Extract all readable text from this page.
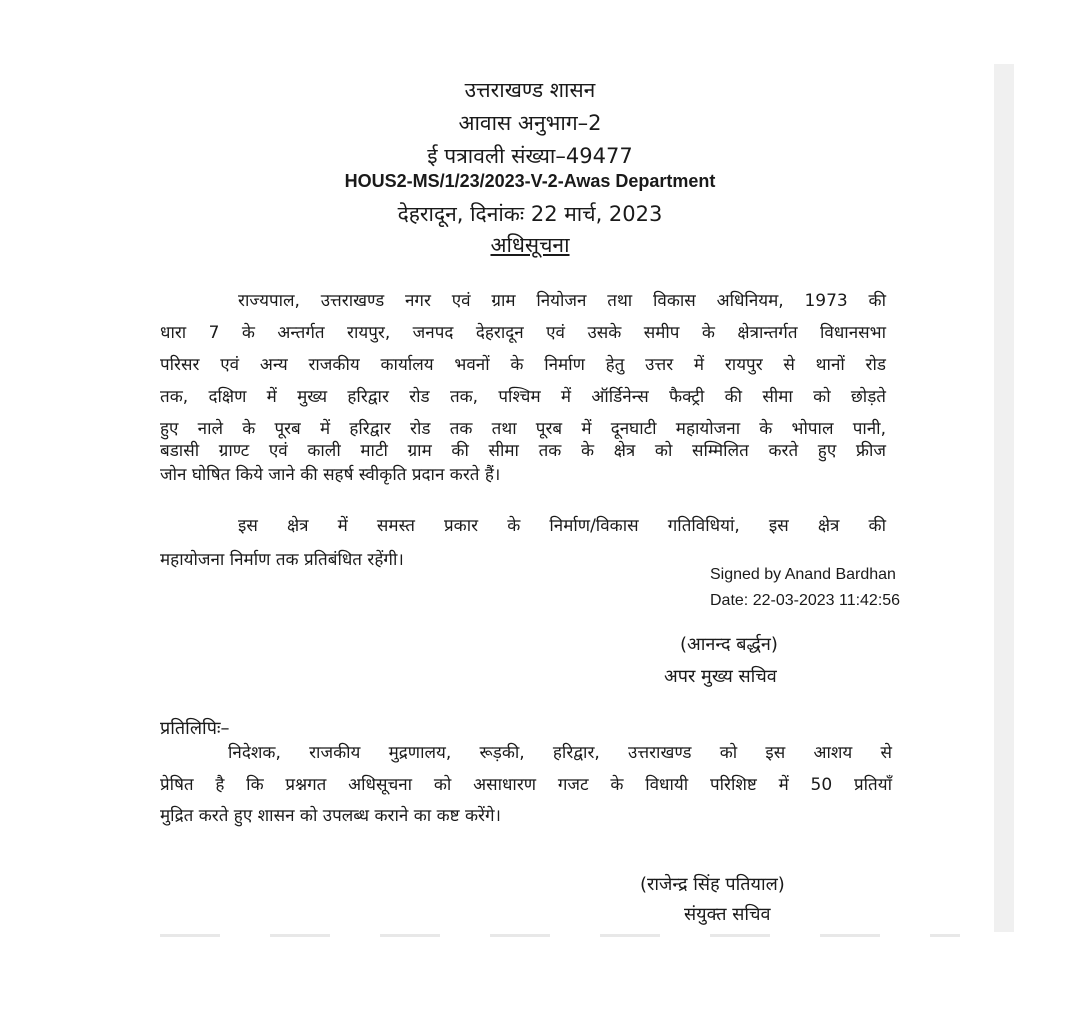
उत्तराखण्ड शासन
आवास अनुभाग–2
ई पत्रावली संख्या–49477
HOUS2-MS/1/23/2023-V-2-Awas Department
देहरादून, दिनांकः 22 मार्च, 2023
अधिसूचना
राज्यपाल, उत्तराखण्ड नगर एवं ग्राम नियोजन तथा विकास अधिनियम, 1973 की
धारा 7 के अन्तर्गत रायपुर, जनपद देहरादून एवं उसके समीप के क्षेत्रान्तर्गत विधानसभा
परिसर एवं अन्य राजकीय कार्यालय भवनों के निर्माण हेतु उत्तर में रायपुर से थानों रोड
तक, दक्षिण में मुख्य हरिद्वार रोड तक, पश्चिम में ऑर्डिनेन्स फैक्ट्री की सीमा को छोड़ते
हुए नाले के पूरब में हरिद्वार रोड तक तथा पूरब में दूनघाटी महायोजना के भोपाल पानी,
बडासी ग्राण्ट एवं काली माटी ग्राम की सीमा तक के क्षेत्र को सम्मिलित करते हुए फ्रीज
जोन घोषित किये जाने की सहर्ष स्वीकृति प्रदान करते हैं।
इस क्षेत्र में समस्त प्रकार के निर्माण/विकास गतिविधियां, इस क्षेत्र की
महायोजना निर्माण तक प्रतिबंधित रहेंगी।
Signed by Anand Bardhan
Date: 22-03-2023 11:42:56
(आनन्द बर्द्धन)
अपर मुख्य सचिव
प्रतिलिपिः–
निदेशक, राजकीय मुद्रणालय, रूड़की, हरिद्वार, उत्तराखण्ड को इस आशय से
प्रेषित है कि प्रश्नगत अधिसूचना को असाधारण गजट के विधायी परिशिष्ट में 50 प्रतियाँ
मुद्रित करते हुए शासन को उपलब्ध कराने का कष्ट करेंगे।
(राजेन्द्र सिंह पतियाल)
संयुक्त सचिव
